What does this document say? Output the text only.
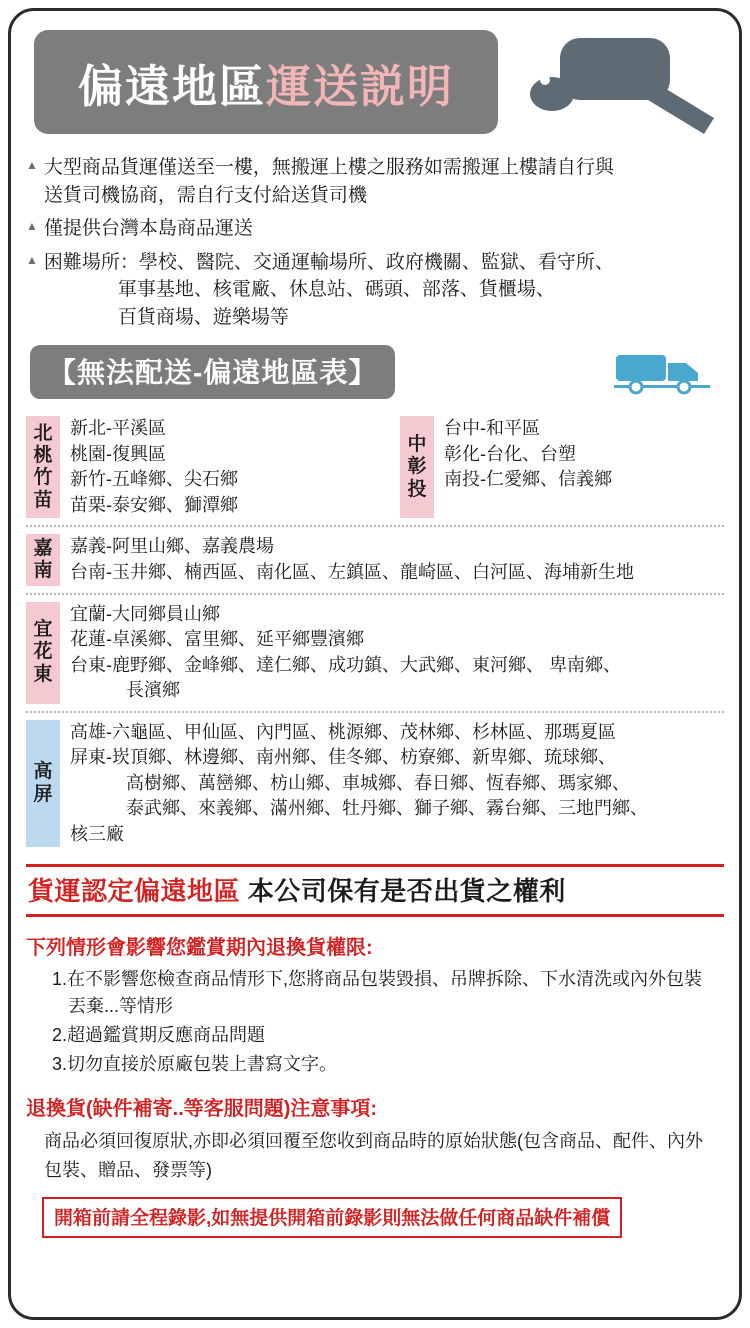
偏遠地區運送説明
▲ 大型商品貨運僅送至一樓，無搬運上樓之服務如需搬運上樓請自行與
送貨司機協商，需自行支付給送貨司機
▲ 僅提供台灣本島商品運送
▲ 困難場所：學校、醫院、交通運輸場所、政府機關、監獄、看守所、
軍事基地、核電廠、休息站、碼頭、部落、貨櫃場、
百貨商場、遊樂場等
【無法配送-偏遠地區表】
北桃竹苗
新北-平溪區
桃園-復興區
新竹-五峰鄉、尖石鄉
苗栗-泰安鄉、獅潭鄉
中彰投
台中-和平區
彰化-台化、台塑
南投-仁愛鄉、信義鄉
嘉南
嘉義-阿里山鄉、嘉義農場
台南-玉井鄉、楠西區、南化區、左鎮區、龍崎區、白河區、海埔新生地
宜花東
宜蘭-大同鄉員山鄉
花蓮-卓溪鄉、富里鄉、延平鄉豐濱鄉
台東-鹿野鄉、金峰鄉、達仁鄉、成功鎮、大武鄉、東河鄉、 卑南鄉、
長濱鄉
高屏
高雄-六龜區、甲仙區、內門區、桃源鄉、茂林鄉、杉林區、那瑪夏區
屏東-崁頂鄉、林邊鄉、南州鄉、佳冬鄉、枋寮鄉、新卑鄉、琉球鄉、
高樹鄉、萬巒鄉、枋山鄉、車城鄉、春日鄉、恆春鄉、瑪家鄉、
泰武鄉、來義鄉、滿州鄉、牡丹鄉、獅子鄉、霧台鄉、三地門鄉、
核三廠
貨運認定偏遠地區 本公司保有是否出貨之權利
下列情形會影響您鑑賞期內退換貨權限:
1.在不影響您檢查商品情形下,您將商品包裝毀損、吊牌拆除、下水清洗或內外包裝
丟棄...等情形
2.超過鑑賞期反應商品問題
3.切勿直接於原廠包裝上書寫文字。
退換貨(缺件補寄..等客服問題)注意事項:
商品必須回復原狀,亦即必須回覆至您收到商品時的原始狀態(包含商品、配件、內外
包裝、贈品、發票等)
開箱前請全程錄影,如無提供開箱前錄影則無法做任何商品缺件補償
